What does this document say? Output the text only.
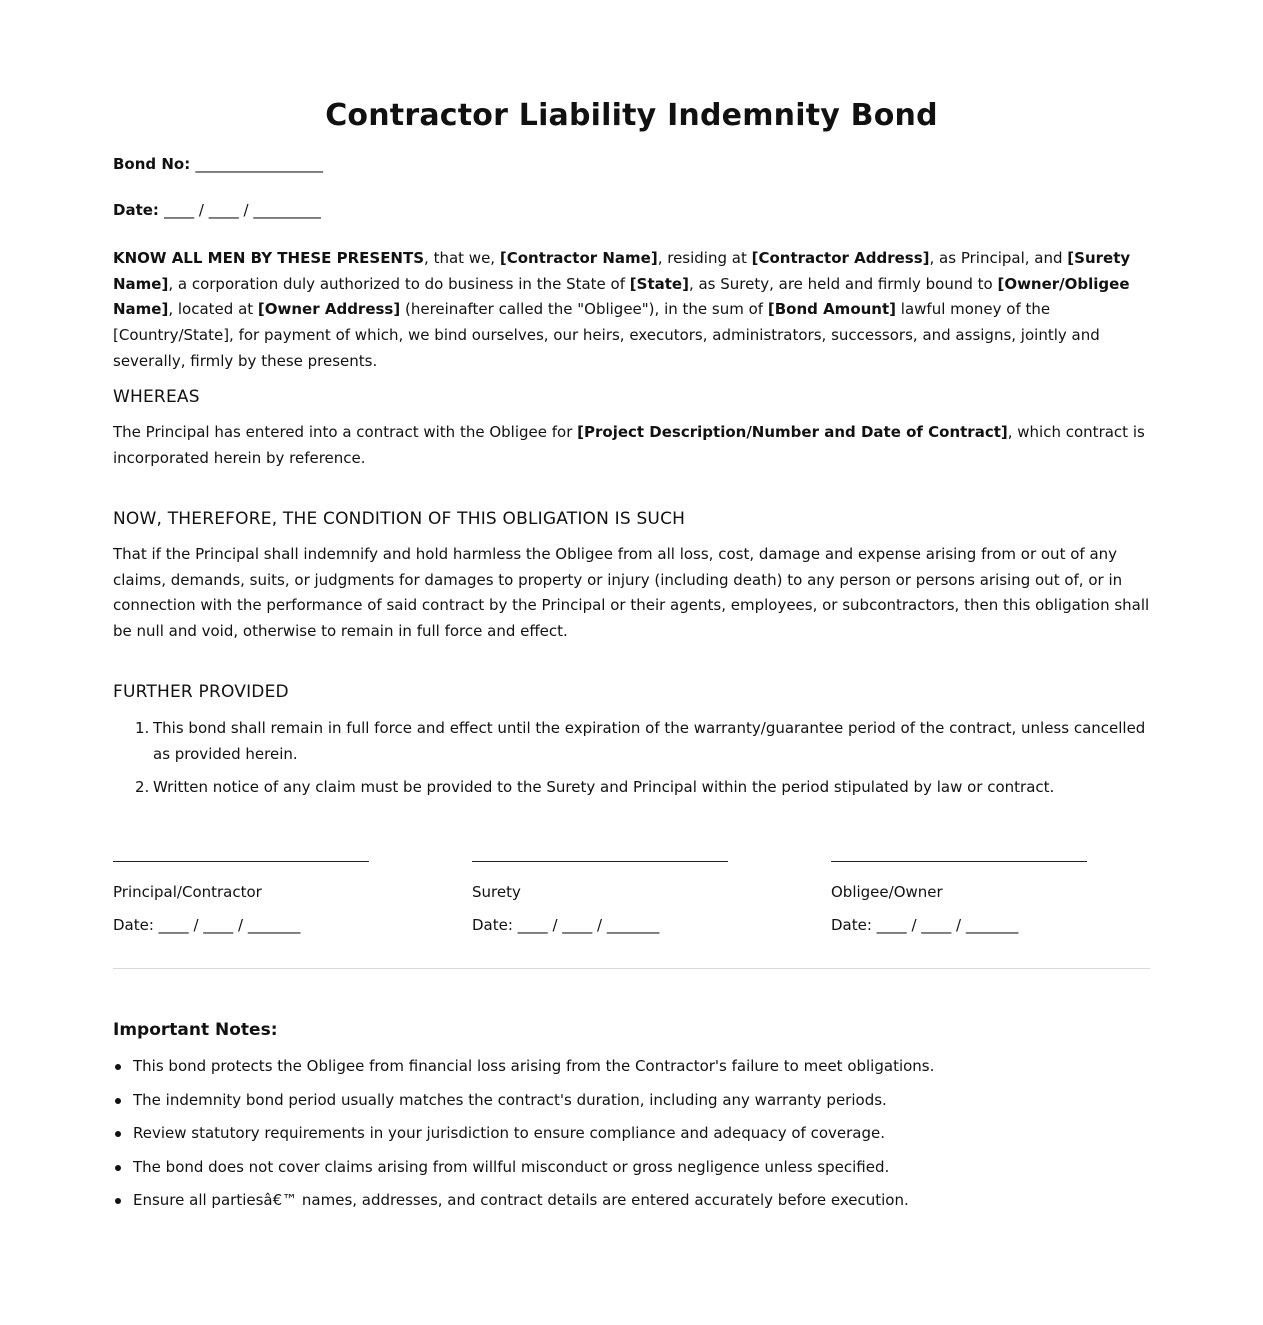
Contractor Liability Indemnity Bond
Bond No: _________________
Date: ____ / ____ / _________

KNOW ALL MEN BY THESE PRESENTS, that we, [Contractor Name], residing at [Contractor Address], as Principal, and [Surety Name], a corporation duly authorized to do business in the State of [State], as Surety, are held and firmly bound to [Owner/Obligee Name], located at [Owner Address] (hereinafter called the "Obligee"), in the sum of [Bond Amount] lawful money of the [Country/State], for payment of which, we bind ourselves, our heirs, executors, administrators, successors, and assigns, jointly and severally, firmly by these presents.

WHEREAS

The Principal has entered into a contract with the Obligee for [Project Description/Number and Date of Contract], which contract is incorporated herein by reference.

NOW, THEREFORE, THE CONDITION OF THIS OBLIGATION IS SUCH

That if the Principal shall indemnify and hold harmless the Obligee from all loss, cost, damage and expense arising from or out of any claims, demands, suits, or judgments for damages to property or injury (including death) to any person or persons arising out of, or in connection with the performance of said contract by the Principal or their agents, employees, or subcontractors, then this obligation shall be null and void, otherwise to remain in full force and effect.

FURTHER PROVIDED
1. This bond shall remain in full force and effect until the expiration of the warranty/guarantee period of the contract, unless cancelled as provided herein.
2. Written notice of any claim must be provided to the Surety and Principal within the period stipulated by law or contract.
Principal/Contractor
Date: ____ / ____ / _______
Surety
Date: ____ / ____ / _______
Obligee/Owner
Date: ____ / ____ / _______
Important Notes:
This bond protects the Obligee from financial loss arising from the Contractor's failure to meet obligations.
The indemnity bond period usually matches the contract's duration, including any warranty periods.
Review statutory requirements in your jurisdiction to ensure compliance and adequacy of coverage.
The bond does not cover claims arising from willful misconduct or gross negligence unless specified.
Ensure all partiesâ€™ names, addresses, and contract details are entered accurately before execution.
